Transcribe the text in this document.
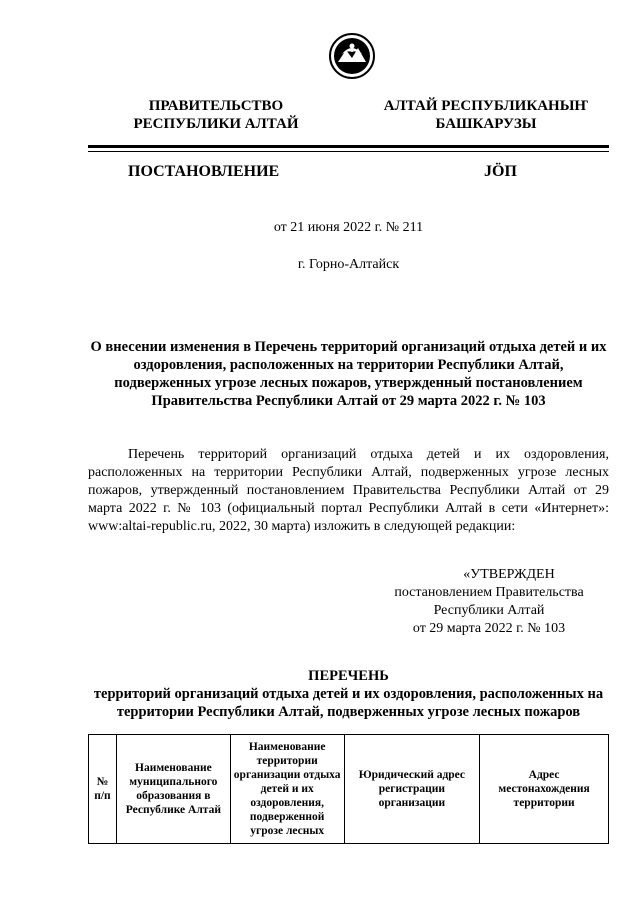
ПРАВИТЕЛЬСТВО
РЕСПУБЛИКИ АЛТАЙ
АЛТАЙ РЕСПУБЛИКАНЫҤ
БАШКАРУЗЫ
ПОСТАНОВЛЕНИЕ	JÖП
от 21 июня 2022 г. № 211
г. Горно-Алтайск
О внесении изменения в Перечень территорий организаций отдыха детей и их оздоровления, расположенных на территории Республики Алтай, подверженных угрозе лесных пожаров, утвержденный постановлением Правительства Республики Алтай от 29 марта 2022 г. № 103
Перечень территорий организаций отдыха детей и их оздоровления, расположенных на территории Республики Алтай, подверженных угрозе лесных пожаров, утвержденный постановлением Правительства Республики Алтай от 29 марта 2022 г. № 103 (официальный портал Республики Алтай в сети «Интернет»: www:altai-republic.ru, 2022, 30 марта) изложить в следующей редакции:
«УТВЕРЖДЕН
постановлением Правительства
Республики Алтай
от 29 марта 2022 г. № 103
ПЕРЕЧЕНЬ
территорий организаций отдыха детей и их оздоровления, расположенных на территории Республики Алтай, подверженных угрозе лесных пожаров
№ п/п	Наименование муниципального образования в Республике Алтай	Наименование территории организации отдыха детей и их оздоровления, подверженной угрозе лесных	Юридический адрес регистрации организации	Адрес местонахождения территории
